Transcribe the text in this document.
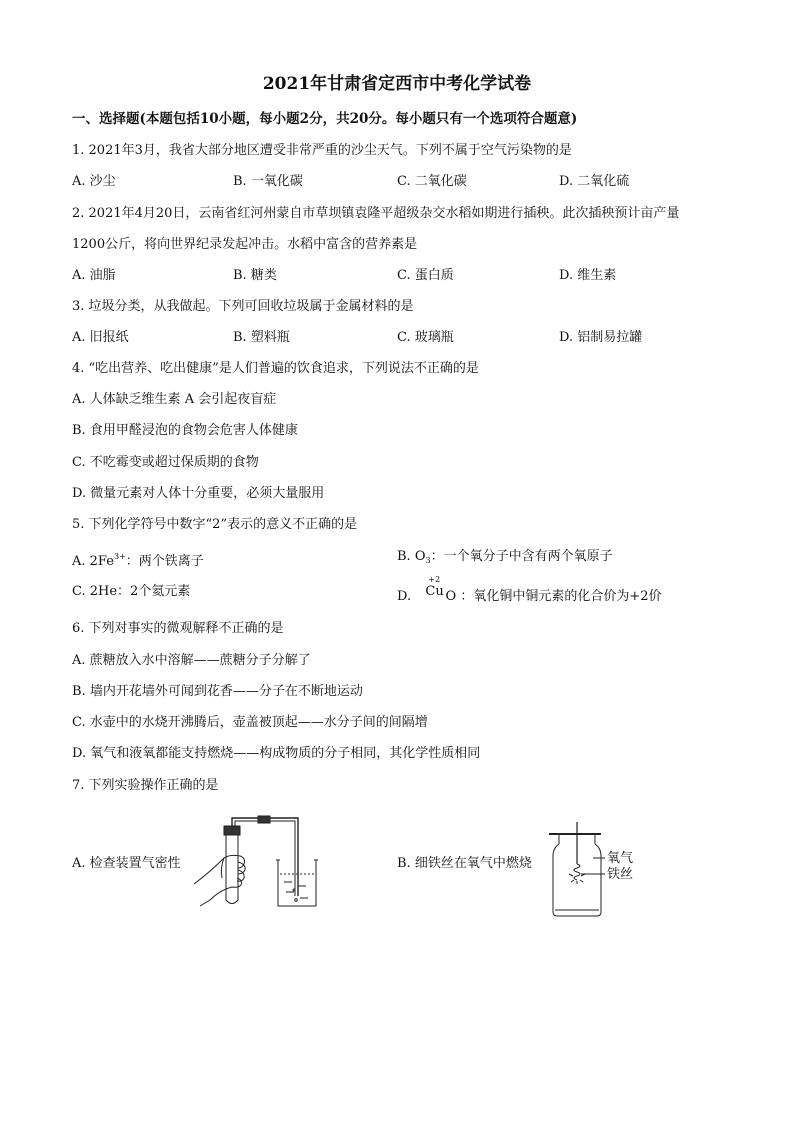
2021年甘肃省定西市中考化学试卷
一、选择题(本题包括10小题，每小题2分，共20分。每小题只有一个选项符合题意)
1. 2021年3月，我省大部分地区遭受非常严重的沙尘天气。下列不属于空气污染物的是
A. 沙尘	B. 一氧化碳	C. 二氧化碳	D. 二氧化硫
2. 2021年4月20日，云南省红河州蒙自市草坝镇袁隆平超级杂交水稻如期进行插秧。此次插秧预计亩产量
1200公斤，将向世界纪录发起冲击。水稻中富含的营养素是
A. 油脂	B. 糖类	C. 蛋白质	D. 维生素
3. 垃圾分类，从我做起。下列可回收垃圾属于金属材料的是
A. 旧报纸	B. 塑料瓶	C. 玻璃瓶	D. 铝制易拉罐
4. “吃出营养、吃出健康”是人们普遍的饮食追求，下列说法不正确的是
A. 人体缺乏维生素 A 会引起夜盲症
B. 食用甲醛浸泡的食物会危害人体健康
C. 不吃霉变或超过保质期的食物
D. 微量元素对人体十分重要，必须大量服用
5. 下列化学符号中数字“2”表示的意义不正确的是
A. $2Fe^{3+}$：两个铁离子	B. $O_3$：一个氧分子中含有两个氧原子
C. 2He：2个氦元素	D.
+2
Cu O ：氧化铜中铜元素的化合价为+2价
6. 下列对事实的微观解释不正确的是
A. 蔗糖放入水中溶解——蔗糖分子分解了
B. 墙内开花墙外可闻到花香——分子在不断地运动
C. 水壶中的水烧开沸腾后，壶盖被顶起——水分子间的间隔增
D. 氧气和液氧都能支持燃烧——构成物质的分子相同，其化学性质相同
7. 下列实验操作正确的是
A. 检查装置气密性	B. 细铁丝在氧气中燃烧	氧气
铁丝
